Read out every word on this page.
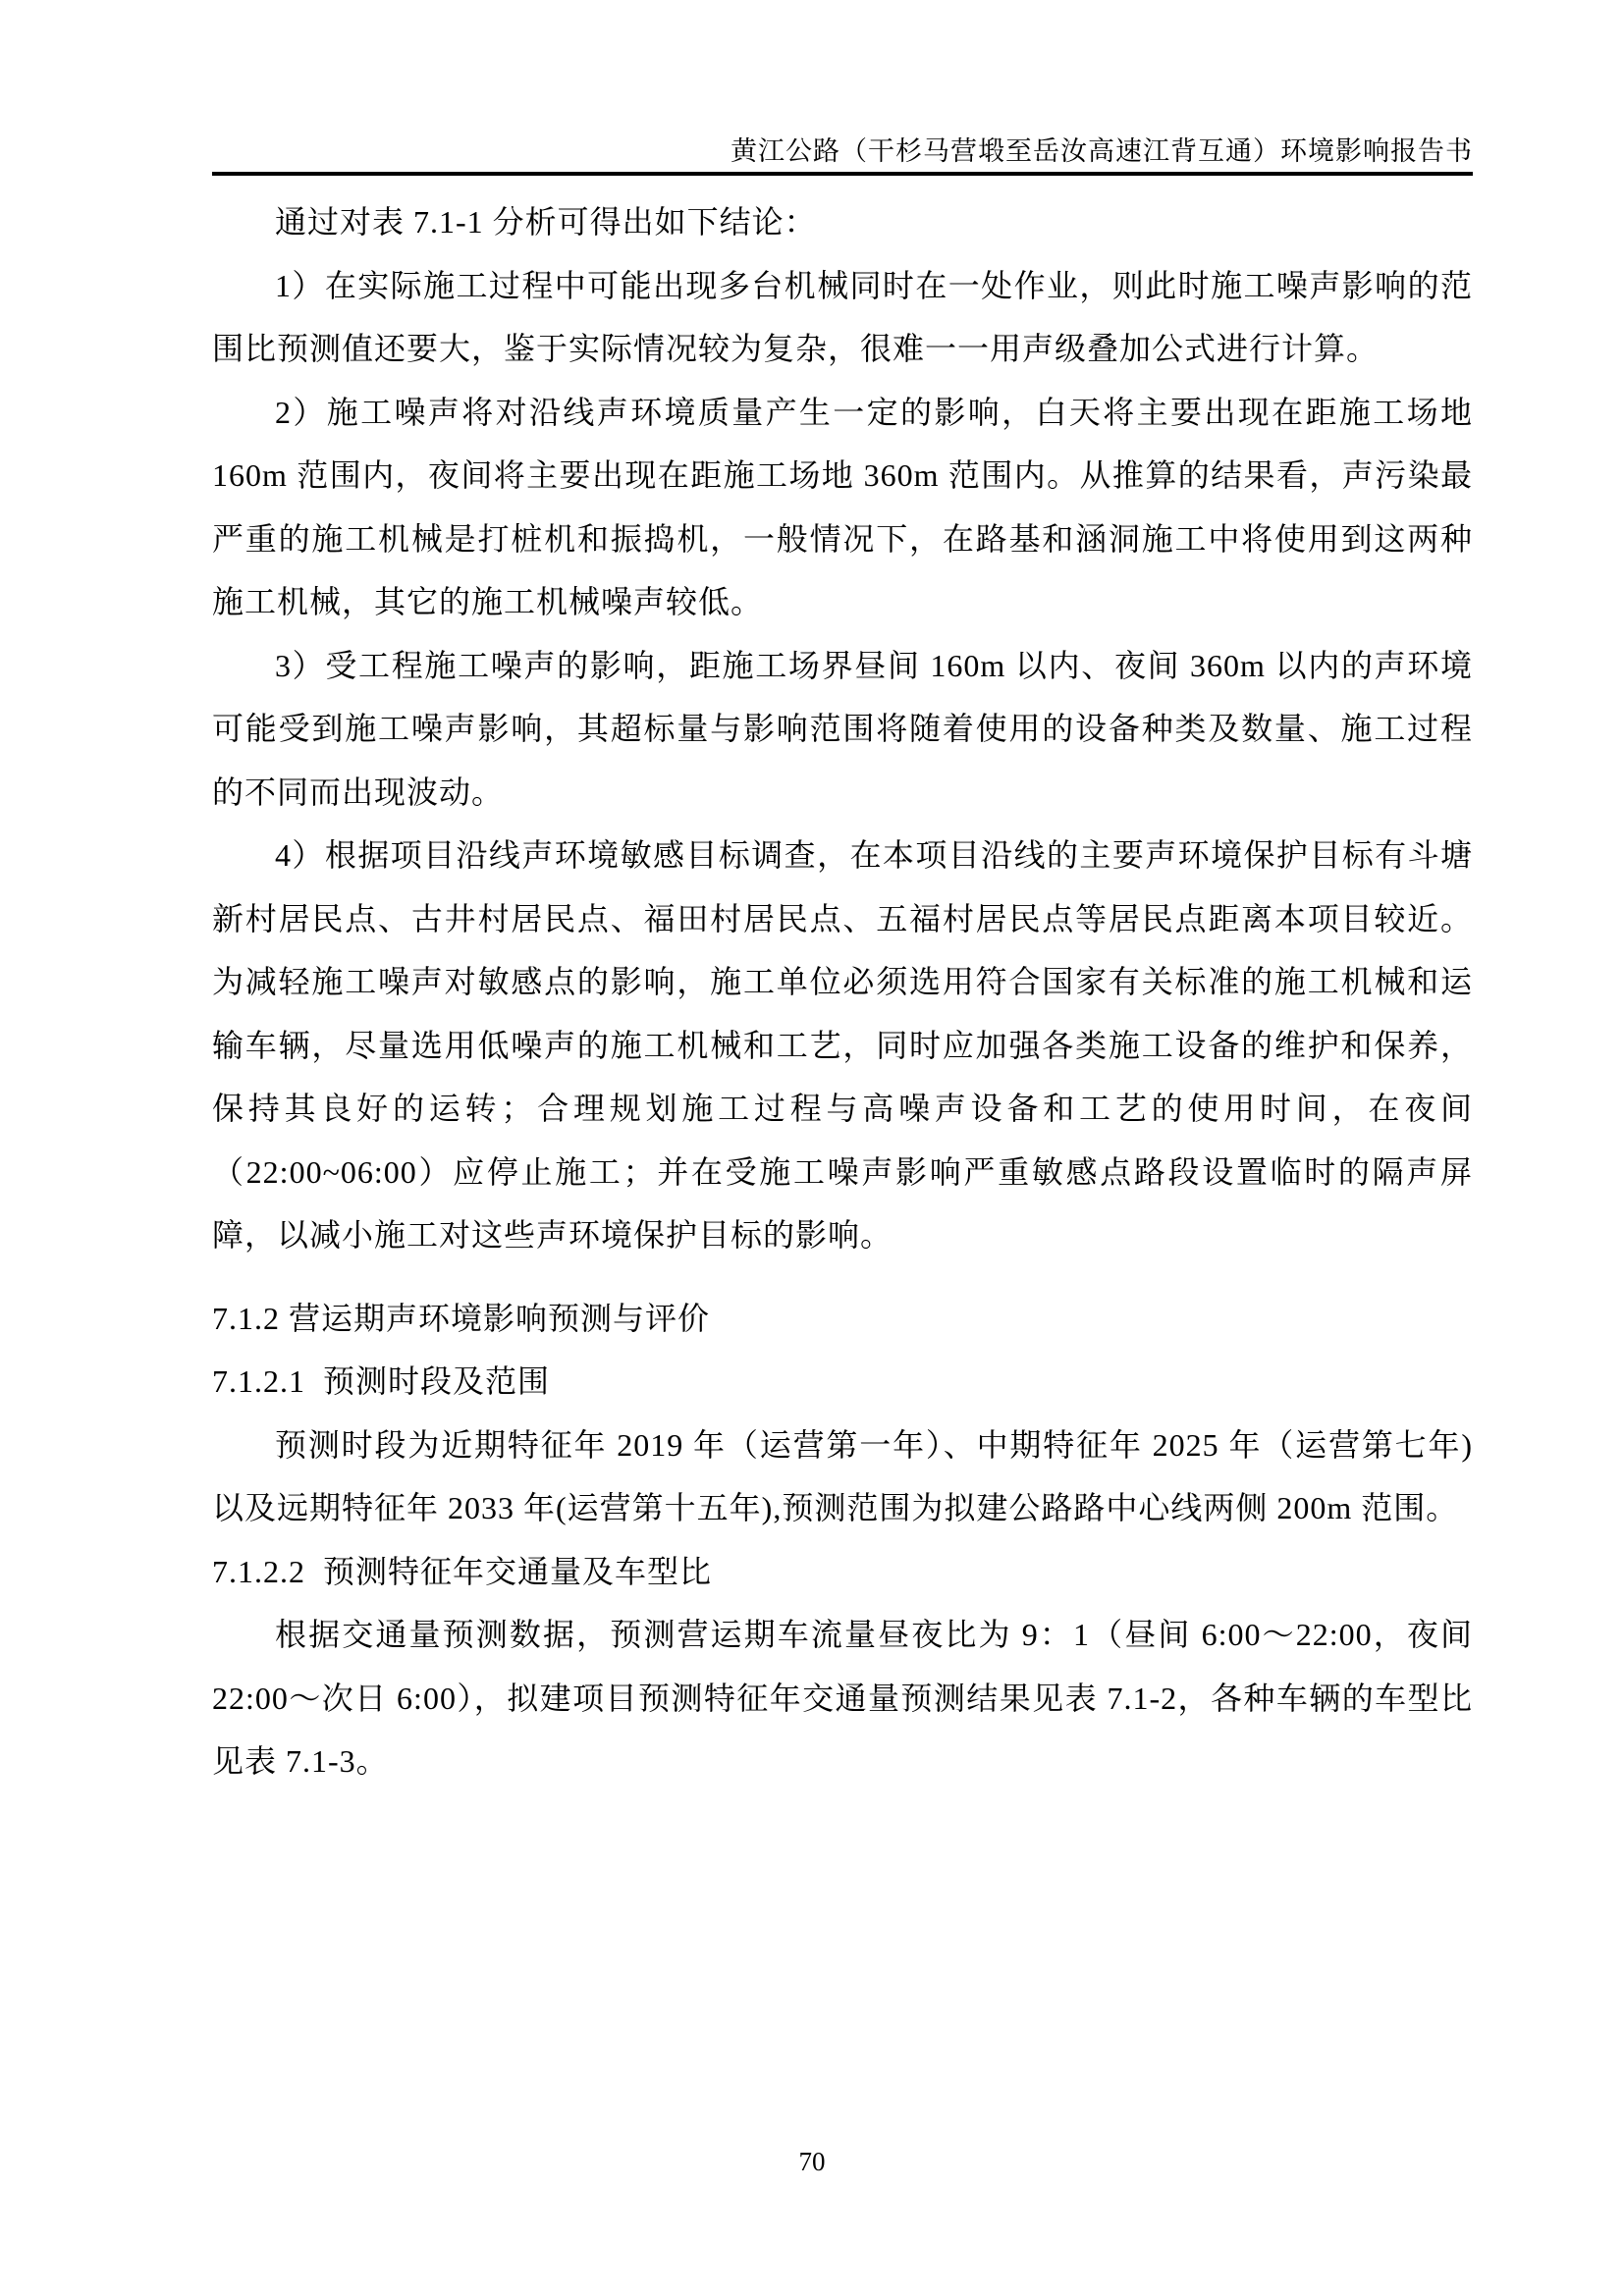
黄江公路（干杉马营塅至岳汝高速江背互通）环境影响报告书

通过对表 7.1-1 分析可得出如下结论：

1）在实际施工过程中可能出现多台机械同时在一处作业，则此时施工噪声影响的范围比预测值还要大，鉴于实际情况较为复杂，很难一一用声级叠加公式进行计算。

2）施工噪声将对沿线声环境质量产生一定的影响，白天将主要出现在距施工场地 160m 范围内，夜间将主要出现在距施工场地 360m 范围内。从推算的结果看，声污染最严重的施工机械是打桩机和振捣机，一般情况下，在路基和涵洞施工中将使用到这两种施工机械，其它的施工机械噪声较低。

3）受工程施工噪声的影响，距施工场界昼间 160m 以内、夜间 360m 以内的声环境可能受到施工噪声影响，其超标量与影响范围将随着使用的设备种类及数量、施工过程的不同而出现波动。

4）根据项目沿线声环境敏感目标调查，在本项目沿线的主要声环境保护目标有斗塘新村居民点、古井村居民点、福田村居民点、五福村居民点等居民点距离本项目较近。为减轻施工噪声对敏感点的影响，施工单位必须选用符合国家有关标准的施工机械和运输车辆，尽量选用低噪声的施工机械和工艺，同时应加强各类施工设备的维护和保养，保持其良好的运转；合理规划施工过程与高噪声设备和工艺的使用时间，在夜间（22:00~06:00）应停止施工；并在受施工噪声影响严重敏感点路段设置临时的隔声屏障，以减小施工对这些声环境保护目标的影响。

7.1.2 营运期声环境影响预测与评价
7.1.2.1  预测时段及范围

预测时段为近期特征年 2019 年（运营第一年）、中期特征年 2025 年（运营第七年)以及远期特征年 2033 年(运营第十五年),预测范围为拟建公路路中心线两侧 200m 范围。

7.1.2.2  预测特征年交通量及车型比

根据交通量预测数据，预测营运期车流量昼夜比为 9：1（昼间 6:00～22:00，夜间 22:00～次日 6:00），拟建项目预测特征年交通量预测结果见表 7.1-2，各种车辆的车型比见表 7.1-3。

70
